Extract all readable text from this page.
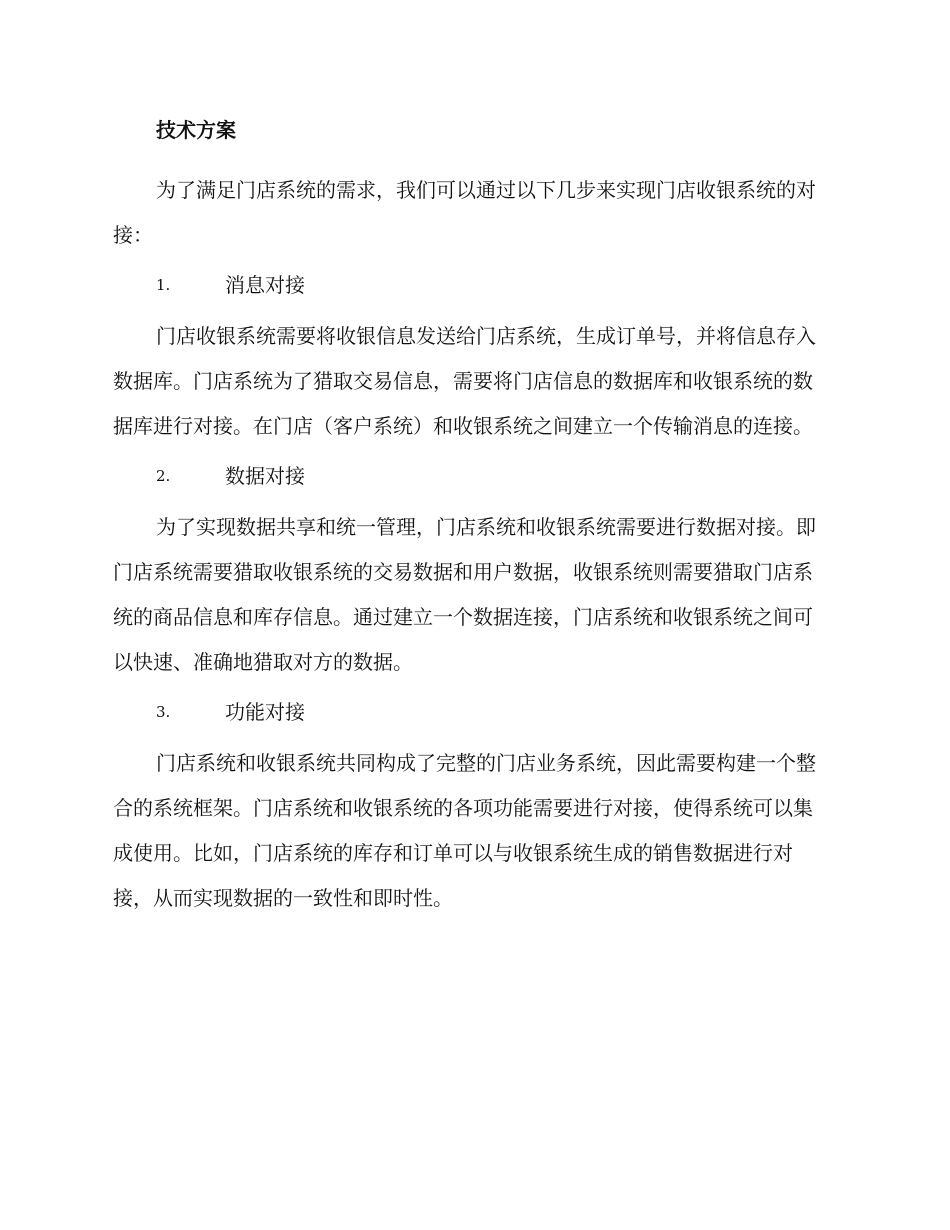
技术方案

为了满足门店系统的需求，我们可以通过以下几步来实现门店收银系统的对接：

1.	消息对接

门店收银系统需要将收银信息发送给门店系统，生成订单号，并将信息存入数据库。门店系统为了猎取交易信息，需要将门店信息的数据库和收银系统的数据库进行对接。在门店（客户系统）和收银系统之间建立一个传输消息的连接。

2.	数据对接

为了实现数据共享和统一管理，门店系统和收银系统需要进行数据对接。即门店系统需要猎取收银系统的交易数据和用户数据，收银系统则需要猎取门店系统的商品信息和库存信息。通过建立一个数据连接，门店系统和收银系统之间可以快速、准确地猎取对方的数据。

3.	功能对接

门店系统和收银系统共同构成了完整的门店业务系统，因此需要构建一个整合的系统框架。门店系统和收银系统的各项功能需要进行对接，使得系统可以集成使用。比如，门店系统的库存和订单可以与收银系统生成的销售数据进行对接，从而实现数据的一致性和即时性。
